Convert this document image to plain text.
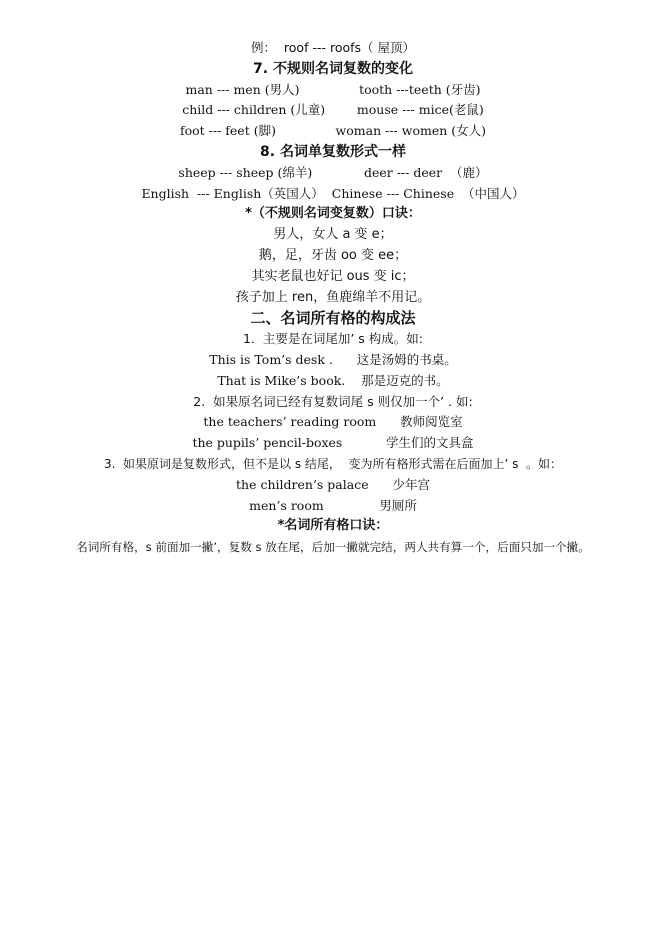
例：  roof --- roofs（ 屋顶）
7. 不规则名词复数的变化
man --- men (男人)               tooth ---teeth (牙齿)
child --- children (儿童)        mouse --- mice(老鼠)
foot --- feet (脚)               woman --- women (女人)
8. 名词单复数形式一样
sheep --- sheep (绵羊)             deer --- deer  （鹿）
English  --- English（英国人）  Chinese --- Chinese  （中国人）
*（不规则名词变复数）口诀：
男人，女人 a 变 e；
鹅，足，牙齿 oo 变 ee；
其实老鼠也好记 ous 变 ic；
孩子加上 ren，鱼鹿绵羊不用记。
二、名词所有格的构成法
1.  主要是在词尾加’ s 构成。如:
This is Tom’s desk .      这是汤姆的书桌。
That is Mike’s book.    那是迈克的书。
2.  如果原名词已经有复数词尾 s 则仅加一个’ . 如:
the teachers’ reading room      教师阅览室
the pupils’ pencil-boxes           学生们的文具盒
3.  如果原词是复数形式，但不是以 s 结尾，  变为所有格形式需在后面加上’ s  。如：
the children’s palace      少年宫
men’s room              男厕所
*名词所有格口诀：
名词所有格，s 前面加一撇’，复数 s 放在尾，后加一撇就完结，两人共有算一个，后面只加一个撇。
